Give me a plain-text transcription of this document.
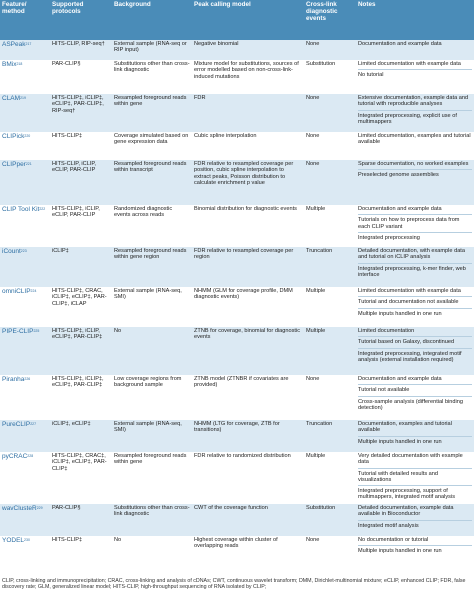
Feature/ method	Supported protocols	Background	Peak calling model	Cross-link diagnostic events	Notes
ASPeak$^{217}$	HITS-CLIP, RIP-seq†	External sample (RNA-seq or RIP input)	Negative binomial	None	Documentation and example data

BMix$^{218}$	PAR-CLIP§	Substitutions other than cross-link diagnostic	Mixture model for substitutions, sources of error modelled based on non-cross-link-induced mutations	Substitution	Limited documentation with example data
No tutorial

CLAM$^{219}$	HITS-CLIP‡, iCLIP‡, eCLIP‡, PAR-CLIP‡, RIP-seq†	Resampled foreground reads within gene	FDR	None	Extensive documentation, example data and tutorial with reproducible analyses
Integrated preprocessing, explicit use of multimappers

CLIPick$^{220}$	HITS-CLIP‡	Coverage simulated based on gene expression data	Cubic spline interpolation	None	Limited documentation, examples and tutorial available

CLIPper$^{221}$	HITS-CLIP, iCLIP, eCLIP, PAR-CLIP	Resampled foreground reads within transcript	FDR relative to resampled coverage per position, cubic spline interpolation to extract peaks, Poisson distribution to calculate enrichment p value	None	Sparse documentation, no worked examples
Preselected genome assemblies

CLIP Tool Kit$^{222}$	HITS-CLIP‡, iCLIP, eCLIP, PAR-CLIP	Randomized diagnostic events across reads	Binomial distribution for diagnostic events	Multiple	Documentation and example data
Tutorials on how to preprocess data from each CLIP variant
Integrated preprocessing

iCount$^{223}$	iCLIP‡	Resampled foreground reads within gene region	FDR relative to resampled coverage per region	Truncation	Detailed documentation, with example data and tutorial on iCLIP analysis
Integrated preprocessing, k-mer finder, web interface

omniCLIP$^{224}$	HITS-CLIP‡, CRAC, iCLIP‡, eCLIP‡, PAR-CLIP‡, iCLAP	External sample (RNA-seq, SMI)	NHMM (GLM for coverage profile, DMM diagnostic events)	Multiple	Limited documentation with example data
Tutorial and documentation not available
Multiple inputs handled in one run

PIPE-CLIP$^{225}$	HITS-CLIP‡, iCLIP, eCLIP‡, PAR-CLIP‡	No	ZTNB for coverage, binomial for diagnostic events	Multiple	Limited documentation
Tutorial based on Galaxy, discontinued
Integrated preprocessing, integrated motif analysis (external installation required)

Piranha$^{226}$	HITS-CLIP‡, iCLIP‡, eCLIP‡, PAR-CLIP‡	Low coverage regions from background sample	ZTNB model (ZTNBR if covariates are provided)	None	Documentation and example data
Tutorial not available
Cross-sample analysis (differential binding detection)

PureCLIP$^{227}$	iCLIP‡, eCLIP‡	External sample (RNA-seq, SMI)	NHMM (LTG for coverage, ZTB for transitions)	Truncation	Documentation, examples and tutorial available
Multiple inputs handled in one run

pyCRAC$^{228}$	HITS-CLIP‡, CRAC‡, iCLIP‡, eCLIP‡, PAR-CLIP‡	Resampled foreground reads within gene	FDR relative to randomized distribution	Multiple	Very detailed documentation with example data
Tutorial with detailed results and visualizations
Integrated preprocessing, support of multimappers, integrated motif analysis

wavClusteR$^{229}$	PAR-CLIP§	Substitutions other than cross-link diagnostic	CWT of the coverage function	Substitution	Detailed documentation, example data available in Bioconductor
Integrated motif analysis

YODEL$^{230}$	HITS-CLIP‡	No	Highest coverage within cluster of overlapping reads	None	No documentation or tutorial
Multiple inputs handled in one run
CLIP, cross-linking and immunoprecipitation; CRAC, cross-linking and analysis of cDNAs; CWT, continuous wavelet transform; DMM, Dirichlet-multinomial mixture; eCLIP, enhanced CLIP; FDR, false discovery rate; GLM, generalized linear model; HITS-CLIP, high-throughput sequencing of RNA isolated by CLIP;
